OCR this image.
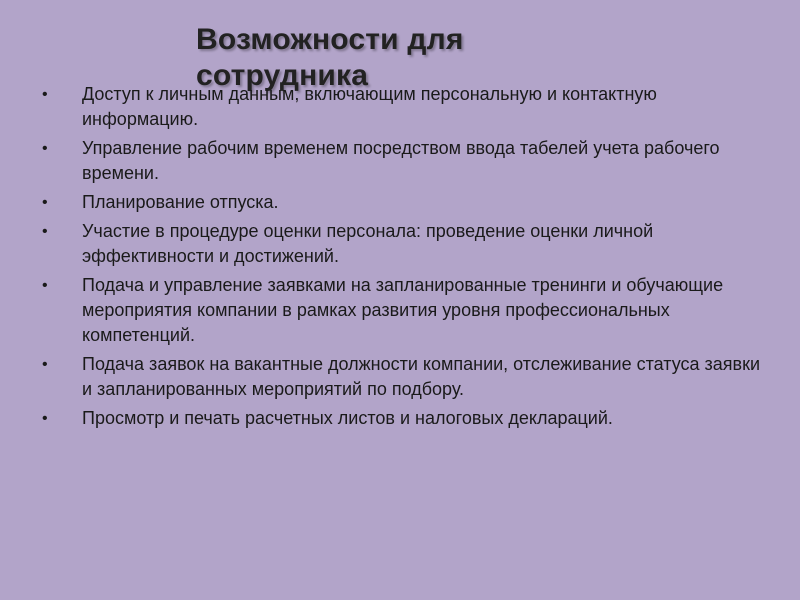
Возможности для сотрудника
• Доступ к личным данным, включающим персональную и контактную информацию.
• Управление рабочим временем посредством ввода табелей учета рабочего времени.
• Планирование отпуска.
• Участие в процедуре оценки персонала: проведение оценки личной эффективности и достижений.
• Подача и управление заявками на запланированные тренинги и обучающие мероприятия компании в рамках развития уровня профессиональных компетенций.
• Подача заявок на вакантные должности компании, отслеживание статуса заявки и запланированных мероприятий по подбору.
• Просмотр и печать расчетных листов и налоговых деклараций.
